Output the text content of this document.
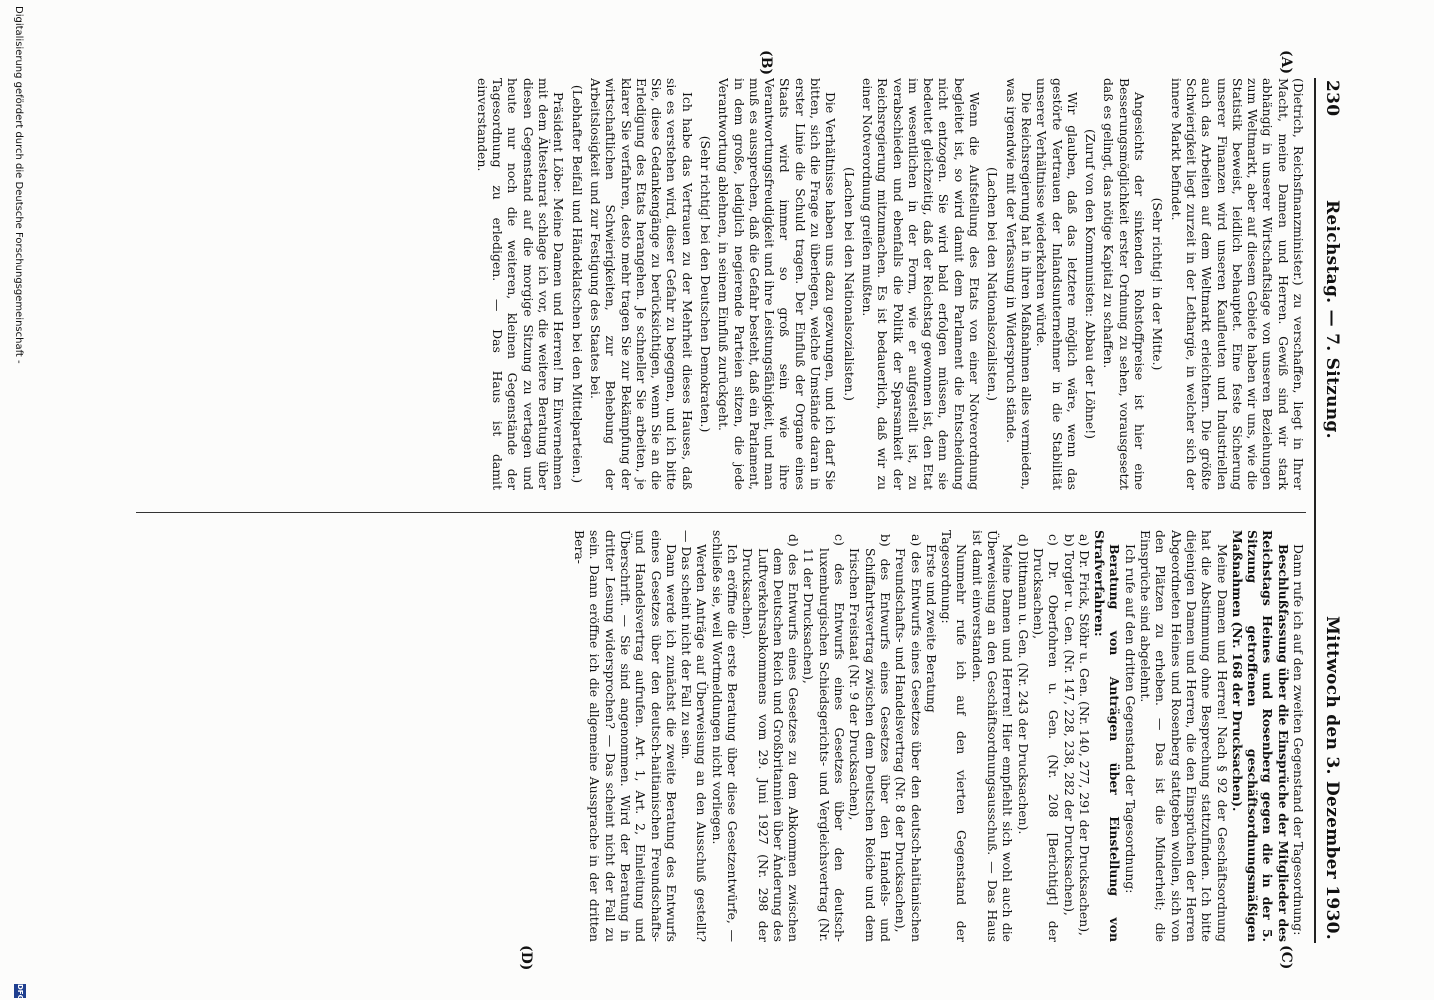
230
Reichstag. — 7. Sitzung.
Mittwoch den 3. Dezember 1930.
(A)
(B)
(C)
(D)

(Dietrich, Reichsfinanzminister.) zu verschaffen, liegt in Ihrer Macht, meine Damen und Herren. Gewiß sind wir stark abhängig in unserer Wirtschaftslage von unseren Beziehungen zum Weltmarkt, aber auf diesem Gebiete haben wir uns, wie die Statistik beweist, leidlich behauptet. Eine feste Sicherung unserer Finanzen wird unseren Kaufleuten und Industriellen auch das Arbeiten auf dem Weltmarkt erleichtern. Die größte Schwierigkeit liegt zurzeit in der Lethargie, in welcher sich der innere Markt befindet.

(Sehr richtig! in der Mitte.)

Angesichts der sinkenden Rohstoffpreise ist hier eine Besserungsmöglichkeit erster Ordnung zu sehen, vorausgesetzt daß es gelingt, das nötige Kapital zu schaffen.

(Zuruf von den Kommunisten: Abbau der Löhne!)

Wir glauben, daß das letztere möglich wäre, wenn das gestörte Vertrauen der Inlandsunternehmer in die Stabilität unserer Verhältnisse wiederkehren würde.

Die Reichsregierung hat in ihren Maßnahmen alles vermieden, was irgendwie mit der Verfassung in Widerspruch stände.

(Lachen bei den Nationalsozialisten.)

Wenn die Aufstellung des Etats von einer Notverordnung begleitet ist, so wird damit dem Parlament die Entscheidung nicht entzogen. Sie wird bald erfolgen müssen, denn sie bedeutet gleichzeitig, daß der Reichstag gewonnen ist, den Etat im wesentlichen in der Form, wie er aufgestellt ist, zu verabschieden und ebenfalls die Politik der Sparsamkeit der Reichsregierung mitzumachen. Es ist bedauerlich, daß wir zu einer Notverordnung greifen mußten.

(Lachen bei den Nationalsozialisten.)

Die Verhältnisse haben uns dazu gezwungen, und ich darf Sie bitten, sich die Frage zu überlegen, welche Umstände daran in erster Linie die Schuld tragen. Der Einfluß der Organe eines Staats wird immer so groß sein wie ihre Verantwortungsfreudigkeit und ihre Leistungsfähigkeit, und man muß es aussprechen, daß die Gefahr besteht, daß ein Parlament, in dem große, lediglich negierende Parteien sitzen, die jede Verantwortung ablehnen, in seinem Einfluß zurückgeht.

(Sehr richtig! bei den Deutschen Demokraten.)

Ich habe das Vertrauen zu der Mehrheit dieses Hauses, daß sie es verstehen wird, dieser Gefahr zu begegnen, und ich bitte Sie, diese Gedankengänge zu berücksichtigen, wenn Sie an die Erledigung des Etats herangehen. Je schneller Sie arbeiten, je klarer Sie verfahren, desto mehr tragen Sie zur Bekämpfung der wirtschaftlichen Schwierigkeiten, zur Behebung der Arbeitslosigkeit und zur Festigung des Staates bei.

(Lebhafter Beifall und Händeklatschen bei den Mittelparteien.)

Präsident Löbe: Meine Damen und Herren! Im Einvernehmen mit dem Ältestenrat schlage ich vor, die weitere Beratung über diesen Gegenstand auf die morgige Sitzung zu vertagen und heute nur noch die weiteren, kleinen Gegenstände der Tagesordnung zu erledigen. — Das Haus ist damit einverstanden.

Dann rufe ich auf den zweiten Gegenstand der Tagesordnung:

Beschlußfassung über die Einsprüche der Mitglieder des Reichstags Heines und Rosenberg gegen die in der 5. Sitzung getroffenen geschäftsordnungsmäßigen Maßnahmen (Nr. 168 der Drucksachen).

Meine Damen und Herren! Nach § 92 der Geschäftsordnung hat die Abstimmung ohne Besprechung stattzufinden. Ich bitte diejenigen Damen und Herren, die den Einsprüchen der Herren Abgeordneten Heines und Rosenberg stattgeben wollen, sich von den Plätzen zu erheben. — Das ist die Minderheit; die Einsprüche sind abgelehnt.

Ich rufe auf den dritten Gegenstand der Tagesordnung:

Beratung von Anträgen über Einstellung von Strafverfahren:

a) Dr. Frick, Stöhr u. Gen. (Nr. 140, 277, 291 der Drucksachen),

b) Torgler u. Gen. (Nr. 147, 228, 238, 282 der Drucksachen),

c) Dr. Oberfohren u. Gen. (Nr. 208 [Berichtigt] der Drucksachen),

d) Dittmann u. Gen. (Nr. 243 der Drucksachen).

Meine Damen und Herren! Hier empfiehlt sich wohl auch die Überweisung an den Geschäftsordnungsausschuß. — Das Haus ist damit einverstanden.

Nunmehr rufe ich auf den vierten Gegenstand der Tagesordnung:

Erste und zweite Beratung

a) des Entwurfs eines Gesetzes über den deutsch-haitianischen Freundschafts- und Handelsvertrag (Nr. 8 der Drucksachen),

b) des Entwurfs eines Gesetzes über den Handels- und Schiffahrtsvertrag zwischen dem Deutschen Reiche und dem Irischen Freistaat (Nr. 9 der Drucksachen),

c) des Entwurfs eines Gesetzes über den deutsch-luxemburgischen Schiedsgerichts- und Vergleichsvertrag (Nr. 11 der Drucksachen),

d) des Entwurfs eines Gesetzes zu dem Abkommen zwischen dem Deutschen Reich und Großbritannien über Änderung des Luftverkehrsabkommens vom 29. Juni 1927 (Nr. 298 der Drucksachen).

Ich eröffne die erste Beratung über diese Gesetzentwürfe, — schließe sie, weil Wortmeldungen nicht vorliegen.

Werden Anträge auf Überweisung an den Ausschuß gestellt? — Das scheint nicht der Fall zu sein.

Dann werde ich zunächst die zweite Beratung des Entwurfs eines Gesetzes über den deutsch-haitianischen Freundschafts- und Handelsvertrag aufrufen. Art. 1, Art. 2, Einleitung und Überschrift. — Sie sind angenommen. Wird der Beratung in dritter Lesung widersprochen? — Das scheint nicht der Fall zu sein. Dann eröffne ich die allgemeine Aussprache in der dritten Bera-

Digitalisierung gefördert durch die Deutsche Forschungsgemeinschaft -
DFG
